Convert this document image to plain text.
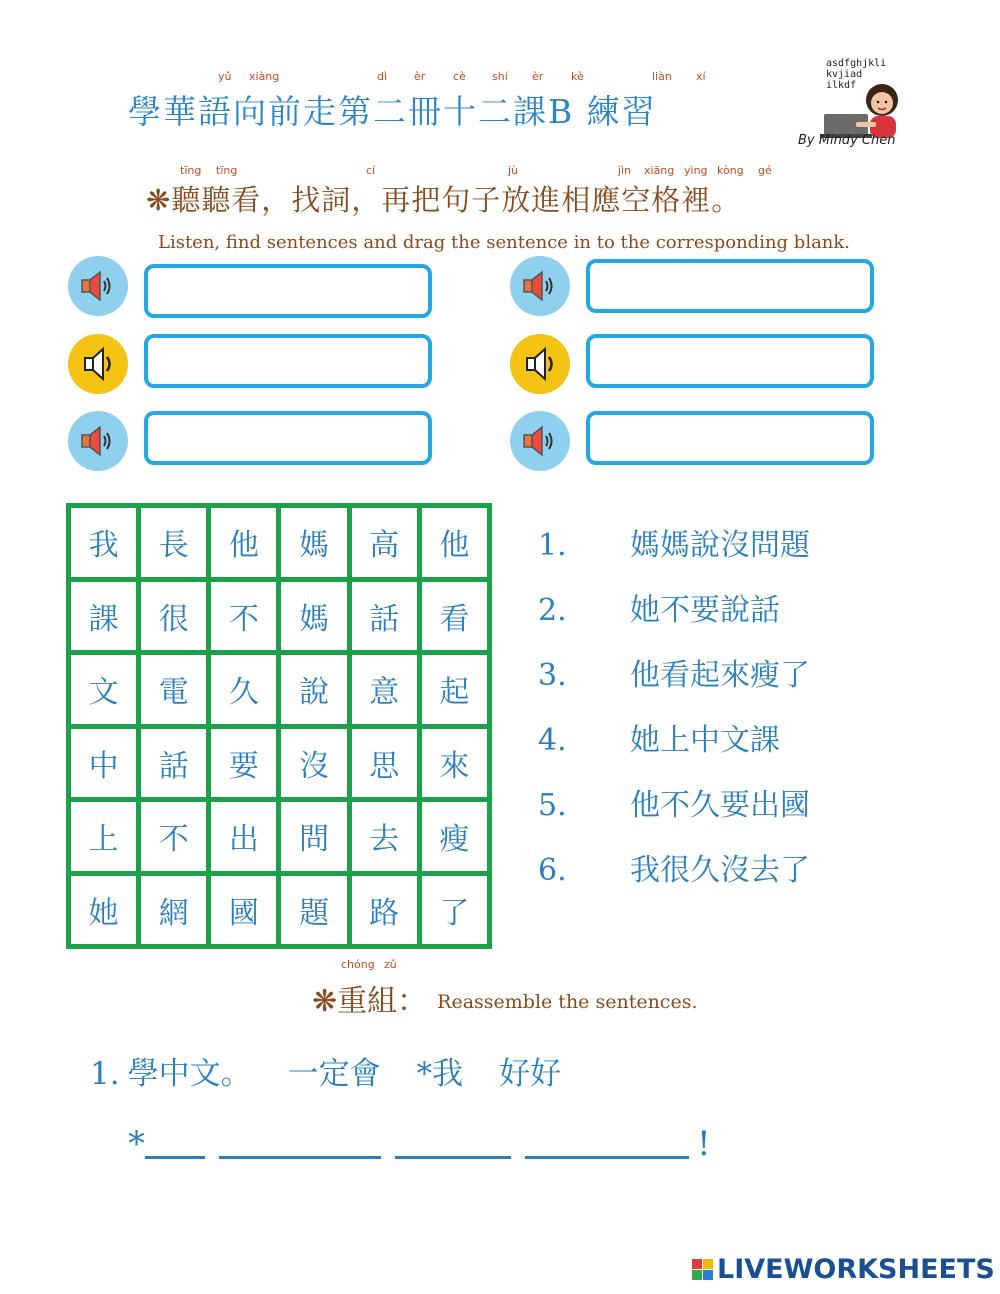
yǔ xiàng	dì èr	cè shí èr	kè	liàn xí
學華語向前走第二冊十二課B 練習
asdfghjkli
kvjiad
ilkdf
By Mindy Chen
tīng tīng	cí	jù	jìn xiāng yìng kòng gé
❋聽聽看，找詞，再把句子放進相應空格裡。
Listen, find sentences and drag the sentence in to the corresponding blank.
我	長	他	媽	高	他
課	很	不	媽	話	看
文	電	久	說	意	起
中	話	要	沒	思	來
上	不	出	問	去	瘦
她	網	國	題	路	了
1. 媽媽說沒問題
2. 她不要說話
3. 他看起來瘦了
4. 她上中文課
5. 他不久要出國
6. 我很久沒去了
chóng zǔ
❋重組： Reassemble the sentences.
1. 學中文。 一定會 *我 好好
*	!
LIVEWORKSHEETS
